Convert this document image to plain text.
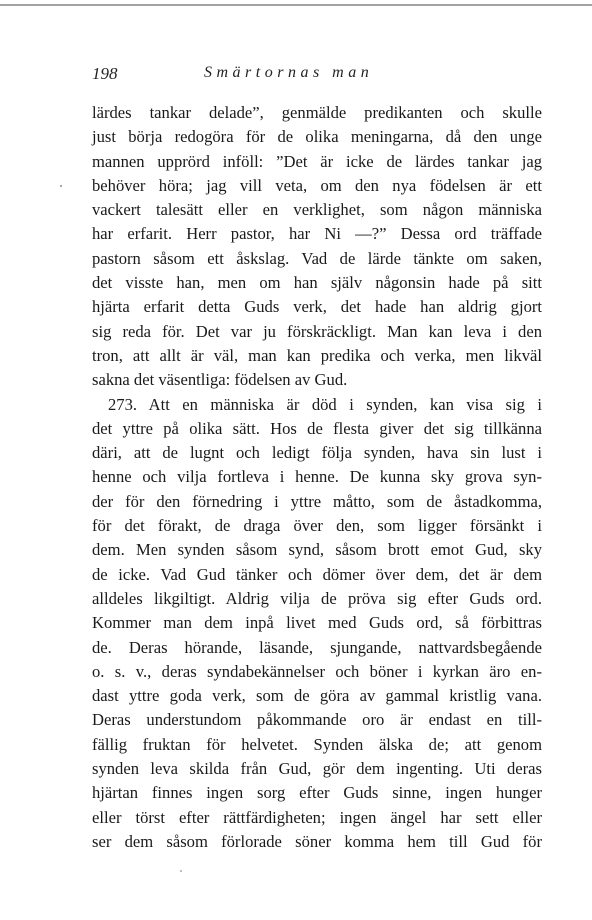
198	Smärtornas man
lärdes tankar delade”, genmälde predikanten och skulle
just börja redogöra för de olika meningarna, då den unge
mannen upprörd inföll: ”Det är icke de lärdes tankar jag
behöver höra; jag vill veta, om den nya födelsen är ett
vackert talesätt eller en verklighet, som någon människa
har erfarit. Herr pastor, har Ni —?” Dessa ord träffade
pastorn såsom ett åskslag. Vad de lärde tänkte om saken,
det visste han, men om han själv någonsin hade på sitt
hjärta erfarit detta Guds verk, det hade han aldrig gjort
sig reda för. Det var ju förskräckligt. Man kan leva i den
tron, att allt är väl, man kan predika och verka, men likväl
sakna det väsentliga: födelsen av Gud.
273. Att en människa är död i synden, kan visa sig i
det yttre på olika sätt. Hos de flesta giver det sig tillkänna
däri, att de lugnt och ledigt följa synden, hava sin lust i
henne och vilja fortleva i henne. De kunna sky grova syn-
der för den förnedring i yttre måtto, som de åstadkomma,
för det förakt, de draga över den, som ligger försänkt i
dem. Men synden såsom synd, såsom brott emot Gud, sky
de icke. Vad Gud tänker och dömer över dem, det är dem
alldeles likgiltigt. Aldrig vilja de pröva sig efter Guds ord.
Kommer man dem inpå livet med Guds ord, så förbittras
de. Deras hörande, läsande, sjungande, nattvardsbegående
o. s. v., deras syndabekännelser och böner i kyrkan äro en-
dast yttre goda verk, som de göra av gammal kristlig vana.
Deras understundom påkommande oro är endast en till-
fällig fruktan för helvetet. Synden älska de; att genom
synden leva skilda från Gud, gör dem ingenting. Uti deras
hjärtan finnes ingen sorg efter Guds sinne, ingen hunger
eller törst efter rättfärdigheten; ingen ängel har sett eller
ser dem såsom förlorade söner komma hem till Gud för
